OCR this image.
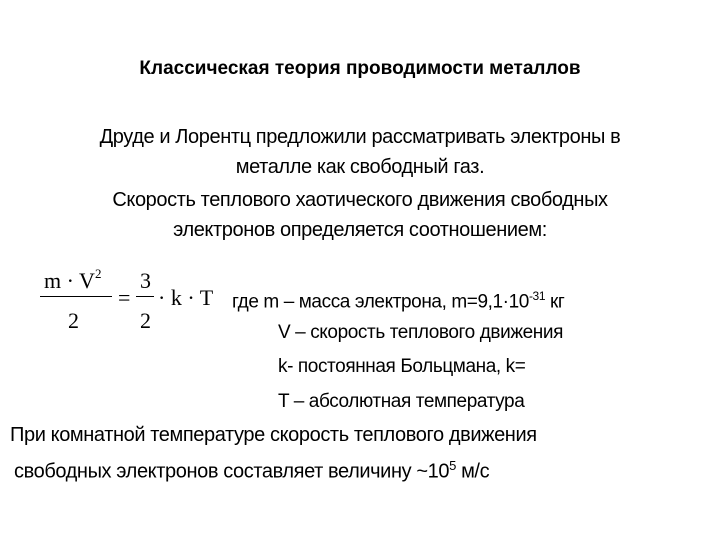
Классическая теория проводимости металлов
Друде и Лорентц предложили рассматривать электроны в
металле как свободный газ.
Скорость теплового хаотического движения свободных
электронов определяется соотношением:
$m \cdot V^2$
2
=
3
2
· k · T где m – масса электрона, $m=9,1\cdot 10^{-31}$ кг
V – скорость теплового движения
k- постоянная Больцмана, k=
T – абсолютная температура
При комнатной температуре скорость теплового движения
свободных электронов составляет величину $\sim 10^5$ м/с
